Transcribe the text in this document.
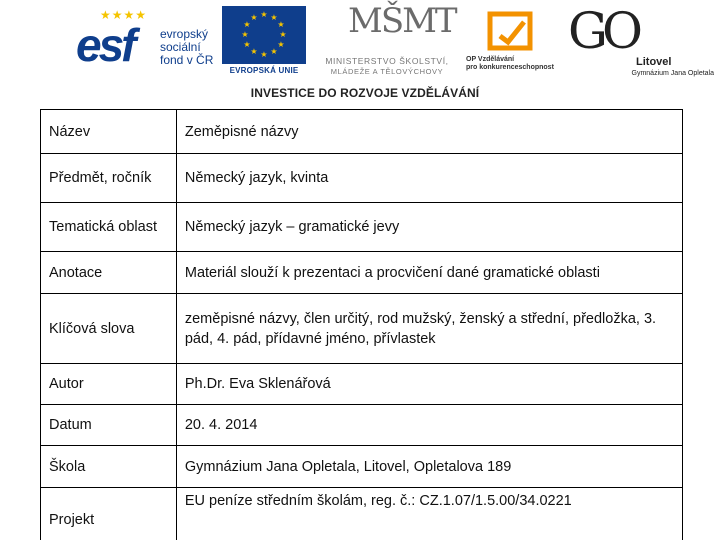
★★★★
esf evropský
sociální
fond v ČR
★ ★
★
★
★
★
★
★
★
★
★
★
EVROPSKÁ UNIE
MŠMT
MINISTERSTVO ŠKOLSTVÍ,
MLÁDEŽE A TĚLOVÝCHOVY
OP Vzdělávání
pro konkurenceschopnost
GO
Litovel
Gymnázium Jana Opletala
INVESTICE DO ROZVOJE VZDĚLÁVÁNÍ
Název	Zeměpisné názvy
Předmět, ročník	Německý jazyk, kvinta
Tematická oblast	Německý jazyk – gramatické jevy
Anotace	Materiál slouží k prezentaci a procvičení dané gramatické oblasti
Klíčová slova	zeměpisné názvy, člen určitý, rod mužský, ženský a střední, předložka, 3. pád, 4. pád, přídavné jméno, přívlastek
Autor	Ph.Dr. Eva Sklenářová
Datum	20. 4. 2014
Škola	Gymnázium Jana Opletala, Litovel, Opletalova 189
Projekt	EU peníze středním školám, reg. č.: CZ.1.07/1.5.00/34.0221
